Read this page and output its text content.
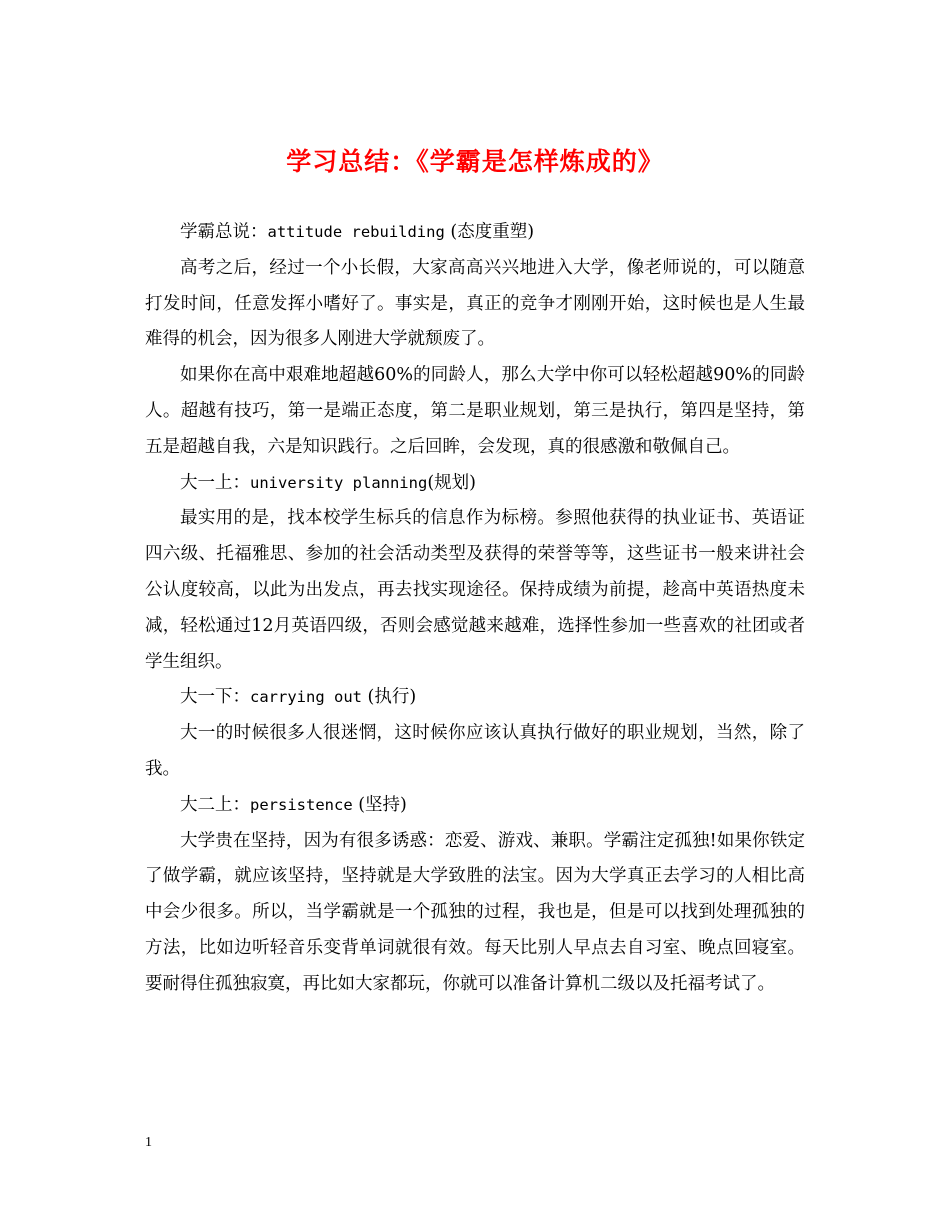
学习总结：《学霸是怎样炼成的》

学霸总说：attitude rebuilding (态度重塑)

高考之后，经过一个小长假，大家高高兴兴地进入大学，像老师说的，可以随意打发时间，任意发挥小嗜好了。事实是，真正的竞争才刚刚开始，这时候也是人生最难得的机会，因为很多人刚进大学就颓废了。

如果你在高中艰难地超越60%的同龄人，那么大学中你可以轻松超越90%的同龄人。超越有技巧，第一是端正态度，第二是职业规划，第三是执行，第四是坚持，第五是超越自我，六是知识践行。之后回眸，会发现，真的很感激和敬佩自己。

大一上：university planning(规划)

最实用的是，找本校学生标兵的信息作为标榜。参照他获得的执业证书、英语证四六级、托福雅思、参加的社会活动类型及获得的荣誉等等，这些证书一般来讲社会公认度较高，以此为出发点，再去找实现途径。保持成绩为前提，趁高中英语热度未减，轻松通过12月英语四级，否则会感觉越来越难，选择性参加一些喜欢的社团或者学生组织。

大一下：carrying out (执行)

大一的时候很多人很迷惘，这时候你应该认真执行做好的职业规划，当然，除了我。

大二上：persistence (坚持)

大学贵在坚持，因为有很多诱惑：恋爱、游戏、兼职。学霸注定孤独!如果你铁定了做学霸，就应该坚持，坚持就是大学致胜的法宝。因为大学真正去学习的人相比高中会少很多。所以，当学霸就是一个孤独的过程，我也是，但是可以找到处理孤独的方法，比如边听轻音乐变背单词就很有效。每天比别人早点去自习室、晚点回寝室。要耐得住孤独寂寞，再比如大家都玩，你就可以准备计算机二级以及托福考试了。

1
